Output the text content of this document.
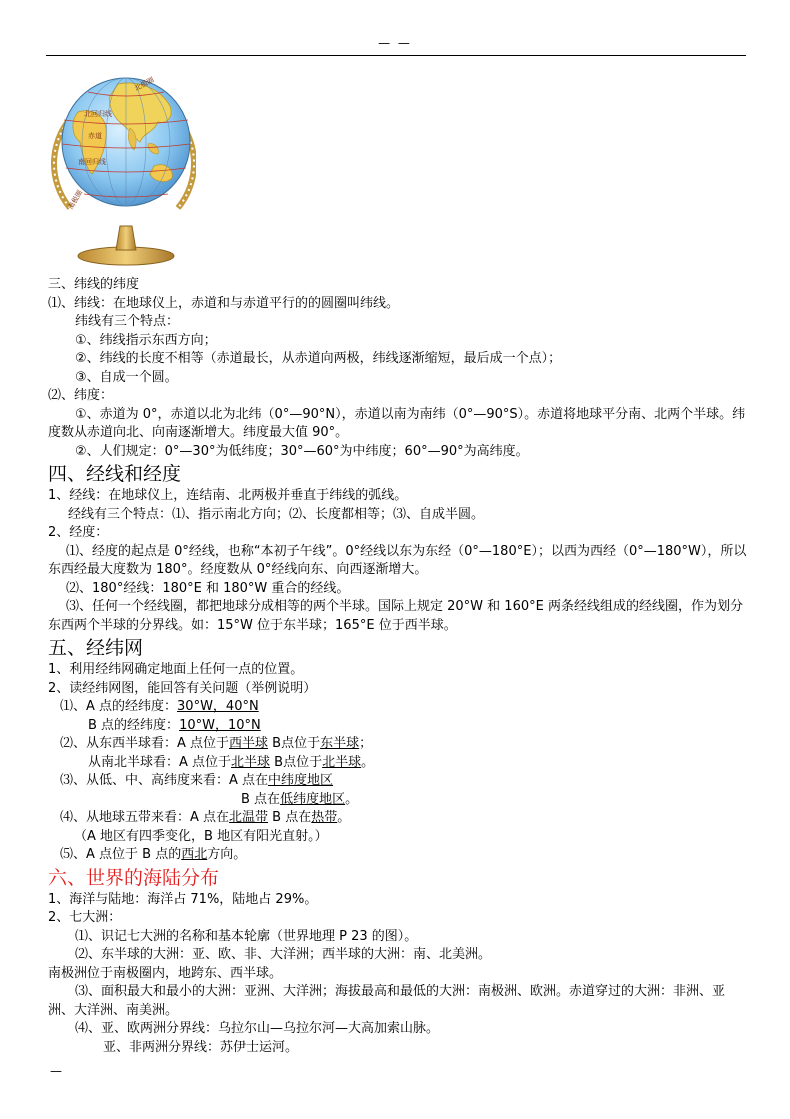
— —
北极圈
北回归线
赤道
南回归线
南极圈
三、纬线的纬度
⑴、纬线：在地球仪上，赤道和与赤道平行的的圆圈叫纬线。
纬线有三个特点：
①、纬线指示东西方向；
②、纬线的长度不相等（赤道最长，从赤道向两极，纬线逐渐缩短，最后成一个点）；
③、自成一个圆。
⑵、纬度：
①、赤道为 0°，赤道以北为北纬（0°—90°N），赤道以南为南纬（0°—90°S）。赤道将地球平分南、北两个半球。纬度数从赤道向北、向南逐渐增大。纬度最大值 90°。
②、人们规定：0°—30°为低纬度；30°—60°为中纬度；60°—90°为高纬度。
四、经线和经度
1、经线：在地球仪上，连结南、北两极并垂直于纬线的弧线。
经线有三个特点：⑴、指示南北方向；⑵、长度都相等；⑶、自成半圆。
2、经度：
⑴、经度的起点是 0°经线，也称“本初子午线”。0°经线以东为东经（0°—180°E）；以西为西经（0°—180°W），所以东西经最大度数为 180°。经度数从 0°经线向东、向西逐渐增大。
⑵、180°经线：180°E 和 180°W 重合的经线。
⑶、任何一个经线圈，都把地球分成相等的两个半球。国际上规定 20°W 和 160°E 两条经线组成的经线圈，作为划分东西两个半球的分界线。如：15°W 位于东半球；165°E 位于西半球。
五、经纬网
1、利用经纬网确定地面上任何一点的位置。
2、读经纬网图，能回答有关问题（举例说明）
⑴、A 点的经纬度：30°W，40°N
B 点的经纬度：10°W，10°N
⑵、从东西半球看：A 点位于西半球 B点位于东半球；
从南北半球看：A 点位于北半球 B点位于北半球。
⑶、从低、中、高纬度来看：A 点在中纬度地区
B 点在低纬度地区。
⑷、从地球五带来看：A 点在北温带 B 点在热带。
（A 地区有四季变化，B 地区有阳光直射。）
⑸、A 点位于 B 点的西北方向。
六、世界的海陆分布
1、海洋与陆地：海洋占 71%，陆地占 29%。
2、七大洲：
⑴、识记七大洲的名称和基本轮廓（世界地理 P 23 的图）。
⑵、东半球的大洲：亚、欧、非、大洋洲；西半球的大洲：南、北美洲。
南极洲位于南极圈内，地跨东、西半球。
⑶、面积最大和最小的大洲：亚洲、大洋洲；海拔最高和最低的大洲：南极洲、欧洲。赤道穿过的大洲：非洲、亚洲、大洋洲、南美洲。
⑷、亚、欧两洲分界线：乌拉尔山—乌拉尔河—大高加索山脉。
亚、非两洲分界线：苏伊士运河。
—
